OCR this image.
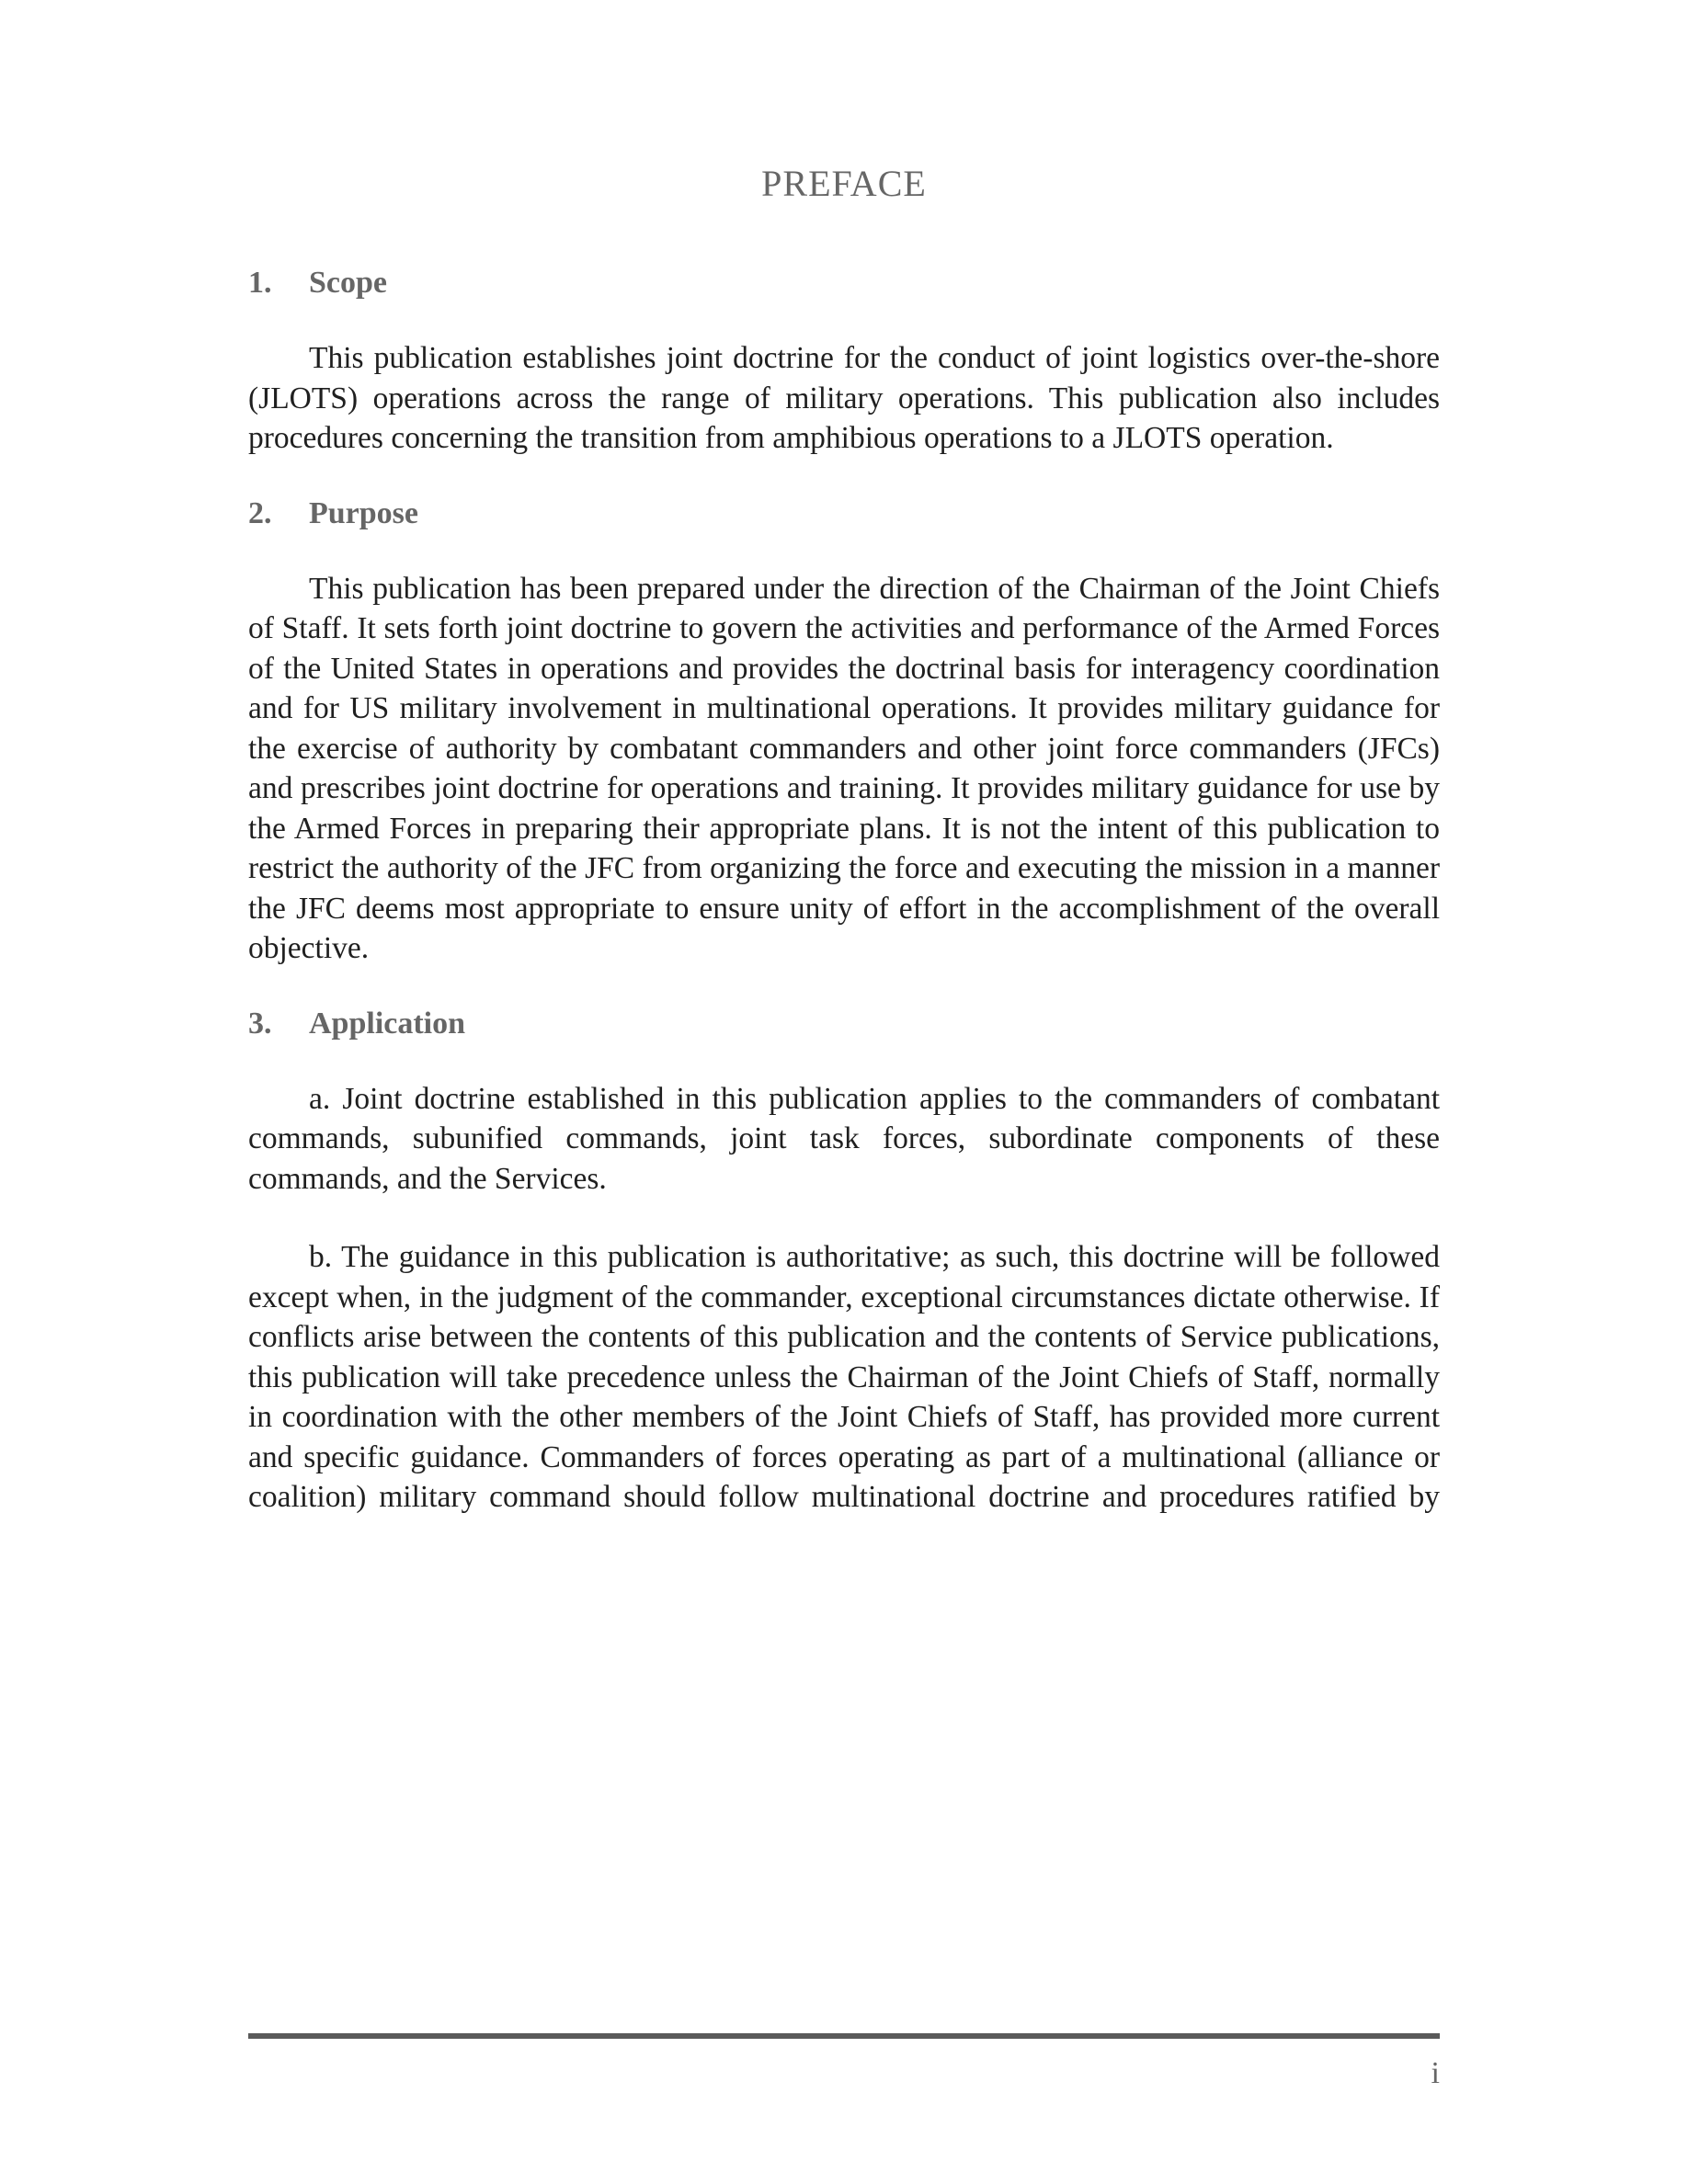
PREFACE
1.	Scope

This publication establishes joint doctrine for the conduct of joint logistics over-the-shore (JLOTS) operations across the range of military operations. This publication also includes procedures concerning the transition from amphibious operations to a JLOTS operation.

2.	Purpose

This publication has been prepared under the direction of the Chairman of the Joint Chiefs of Staff. It sets forth joint doctrine to govern the activities and performance of the Armed Forces of the United States in operations and provides the doctrinal basis for interagency coordination and for US military involvement in multinational operations. It provides military guidance for the exercise of authority by combatant commanders and other joint force commanders (JFCs) and prescribes joint doctrine for operations and training. It provides military guidance for use by the Armed Forces in preparing their appropriate plans. It is not the intent of this publication to restrict the authority of the JFC from organizing the force and executing the mission in a manner the JFC deems most appropriate to ensure unity of effort in the accomplishment of the overall objective.

3.	Application

a. Joint doctrine established in this publication applies to the commanders of combatant commands, subunified commands, joint task forces, subordinate components of these commands, and the Services.

b. The guidance in this publication is authoritative; as such, this doctrine will be followed except when, in the judgment of the commander, exceptional circumstances dictate otherwise. If conflicts arise between the contents of this publication and the contents of Service publications, this publication will take precedence unless the Chairman of the Joint Chiefs of Staff, normally in coordination with the other members of the Joint Chiefs of Staff, has provided more current and specific guidance. Commanders of forces operating as part of a multinational (alliance or coalition) military command should follow multinational doctrine and procedures ratified by

i
